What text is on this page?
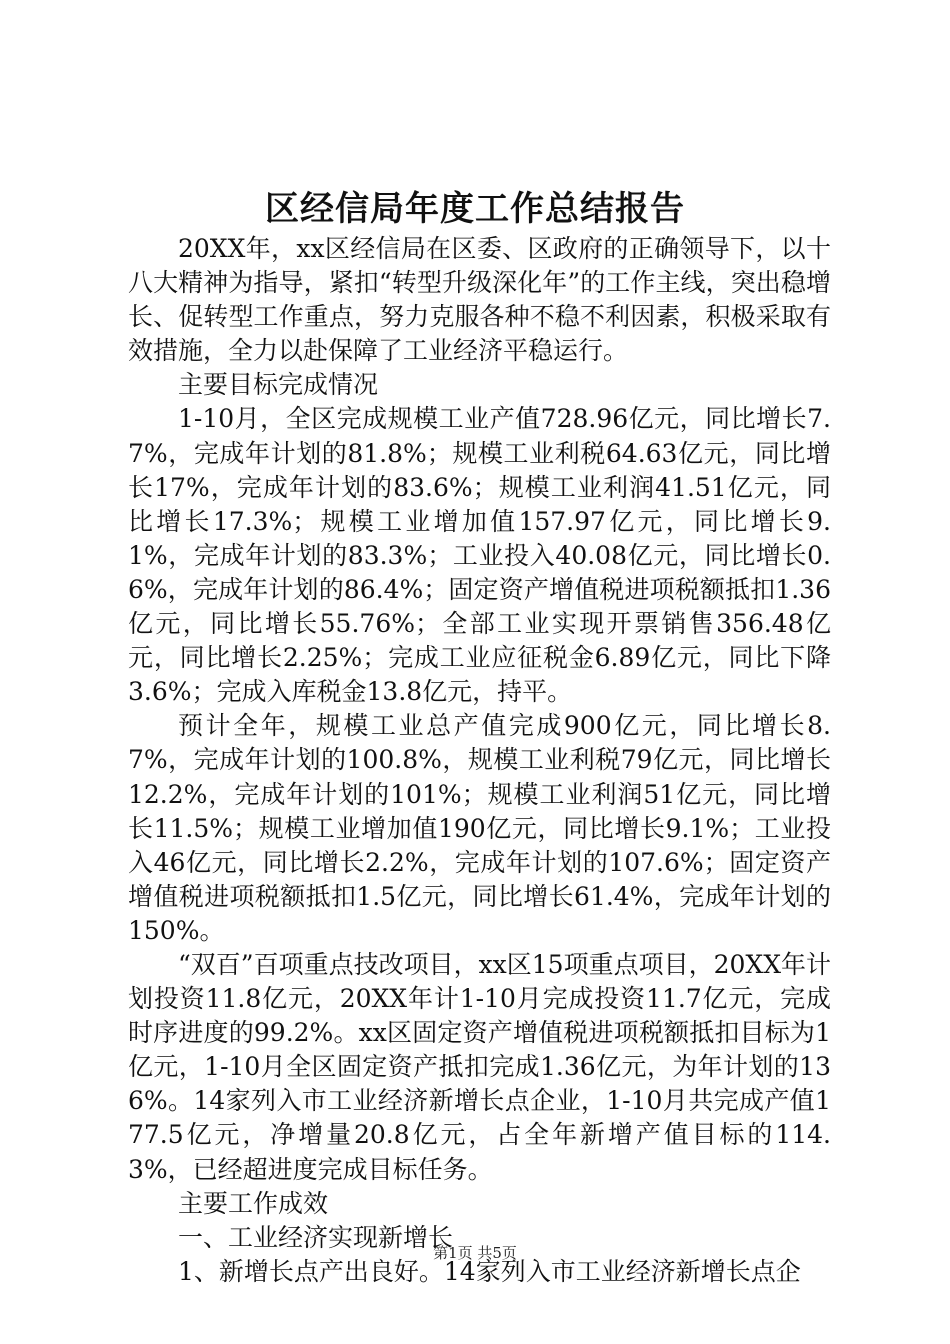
区经信局年度工作总结报告

20XX年，xx区经信局在区委、区政府的正确领导下，以十八大精神为指导，紧扣“转型升级深化年”的工作主线，突出稳增长、促转型工作重点，努力克服各种不稳不利因素，积极采取有效措施，全力以赴保障了工业经济平稳运行。

主要目标完成情况

1-10月，全区完成规模工业产值728.96亿元，同比增长7.7%，完成年计划的81.8%；规模工业利税64.63亿元，同比增长17%，完成年计划的83.6%；规模工业利润41.51亿元，同比增长17.3%；规模工业增加值157.97亿元，同比增长9.1%，完成年计划的83.3%；工业投入40.08亿元，同比增长0.6%，完成年计划的86.4%；固定资产增值税进项税额抵扣1.36亿元，同比增长55.76%；全部工业实现开票销售356.48亿元，同比增长2.25%；完成工业应征税金6.89亿元，同比下降3.6%；完成入库税金13.8亿元，持平。

预计全年，规模工业总产值完成900亿元，同比增长8.7%，完成年计划的100.8%，规模工业利税79亿元，同比增长12.2%，完成年计划的101%；规模工业利润51亿元，同比增长11.5%；规模工业增加值190亿元，同比增长9.1%；工业投入46亿元，同比增长2.2%，完成年计划的107.6%；固定资产增值税进项税额抵扣1.5亿元，同比增长61.4%，完成年计划的150%。

“双百”百项重点技改项目，xx区15项重点项目，20XX年计划投资11.8亿元，20XX年计1-10月完成投资11.7亿元，完成时序进度的99.2%。xx区固定资产增值税进项税额抵扣目标为1亿元，1-10月全区固定资产抵扣完成1.36亿元，为年计划的136%。14家列入市工业经济新增长点企业，1-10月共完成产值177.5亿元，净增量20.8亿元，占全年新增产值目标的114.3%，已经超进度完成目标任务。

主要工作成效

一、工业经济实现新增长

1、新增长点产出良好。14家列入市工业经济新增长点企

第1页 共5页
